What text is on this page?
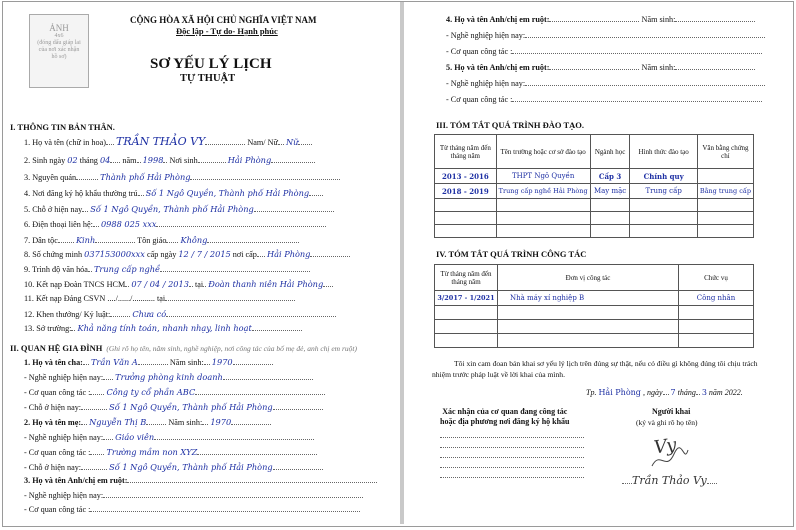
ẢNH
4x6
(đóng dấu giáp lai
của nơi xác nhận
hồ sơ)
CỘNG HÒA XÃ HỘI CHỦ NGHĨA VIỆT NAM
Độc lập - Tự do- Hạnh phúc
SƠ YẾU LÝ LỊCH
TỰ THUẬT
I. THÔNG TIN BẢN THÂN.
1. Họ và tên (chữ in hoa) TRẦN THẢO VY	Nam/ Nữ Nữ
2. Sinh ngày 02 tháng 04 năm 1998 Nơi sinh	Hải Phòng
3. Nguyên quán	Thành phố Hải Phòng
4. Nơi đăng ký hộ khẩu thường trú Số 1 Ngô Quyền, Thành phố Hải Phòng
5. Chỗ ở hiện nay Số 1 Ngô Quyền, Thành phố Hải Phòng
6. Điện thoại liên hệ: 0988 025 xxx
7. Dân tộc Kinh	Tôn giáo Không
8. Số chứng minh 037153000xxx cấp ngày 12 / 7 / 2015 nơi cấp Hải Phòng
9. Trình độ văn hóa Trung cấp nghề
10. Kết nạp Đoàn TNCS HCM 07 / 04 / 2013 tại Đoàn thanh niên Hải Phòng
11. Kết nạp Đảng CSVN ..../....../........... tại
12. Khen thưởng/ Kỷ luật:	Chưa có
13. Sở trường: Khả năng tính toán, nhanh nhạy, linh hoạt
II. QUAN HỆ GIA ĐÌNH (Ghi rõ họ tên, năm sinh, nghề nghiệp, nơi công tác của bố mẹ đẻ, anh chị em ruột)
1. Họ và tên cha: Trần Văn A	Năm sinh: 1970
- Nghề nghiệp hiện nay: Trưởng phòng kinh doanh
- Cơ quan công tác : Công ty cổ phần ABC
- Chỗ ở hiện nay:	Số 1 Ngô Quyền, Thành phố Hải Phòng
2. Họ và tên mẹ: Nguyễn Thị B	Năm sinh: 1970
- Nghề nghiệp hiện nay: Giáo viên
- Cơ quan công tác : Trường mầm non XYZ
- Chỗ ở hiện nay:	Số 1 Ngô Quyền, Thành phố Hải Phòng
3. Họ và tên Anh/chị em ruột:
- Nghề nghiệp hiện nay:
- Cơ quan công tác :
4. Họ và tên Anh/chị em ruột:	Năm sinh:
- Nghề nghiệp hiện nay:
- Cơ quan công tác :
5. Họ và tên Anh/chị em ruột:	Năm sinh:
- Nghề nghiệp hiện nay:
- Cơ quan công tác :
III. TÓM TẮT QUÁ TRÌNH ĐÀO TẠO.
Từ tháng năm đến tháng năm	Tên trường hoặc cơ sở đào tạo	Ngành học	Hình thức đào tạo	Văn bằng chứng chỉ
2013 - 2016	THPT Ngô Quyền	Cấp 3	Chính quy	
2018 - 2019	Trung cấp nghề Hải Phòng	May mặc	Trung cấp	Bằng trung cấp

IV. TÓM TẮT QUÁ TRÌNH CÔNG TÁC
Từ tháng năm đến tháng năm	Đơn vị công tác	Chức vụ
3/2017 - 1/2021	Nhà máy xí nghiệp B	Công nhân

Tôi xin cam đoan bản khai sơ yếu lý lịch trên đúng sự thật, nếu có điều gì không đúng tôi chịu trách nhiệm trước pháp luật về lời khai của mình.
Tp. Hải Phòng , ngày 7 tháng 3 năm 2022.
Xác nhận của cơ quan đang công tác
hoặc địa phương nơi đăng ký hộ khẩu
Người khai
(ký và ghi rõ họ tên)
Vy
Trần Thảo Vy
